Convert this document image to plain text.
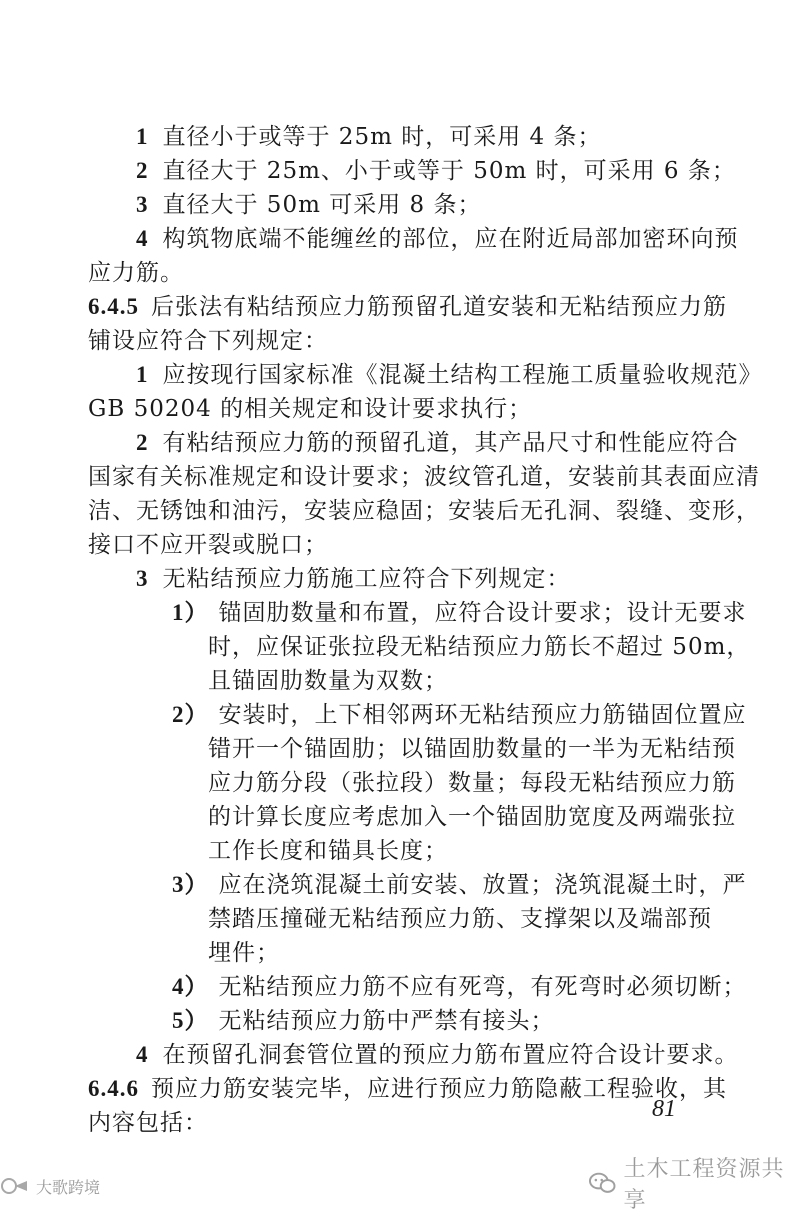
1 直径小于或等于 25m 时，可采用 4 条；
2 直径大于 25m、小于或等于 50m 时，可采用 6 条；
3 直径大于 50m 可采用 8 条；
4 构筑物底端不能缠丝的部位，应在附近局部加密环向预
应力筋。
6.4.5 后张法有粘结预应力筋预留孔道安装和无粘结预应力筋
铺设应符合下列规定：
1 应按现行国家标准《混凝土结构工程施工质量验收规范》
GB 50204 的相关规定和设计要求执行；
2 有粘结预应力筋的预留孔道，其产品尺寸和性能应符合
国家有关标准规定和设计要求；波纹管孔道，安装前其表面应清
洁、无锈蚀和油污，安装应稳固；安装后无孔洞、裂缝、变形，
接口不应开裂或脱口；
3 无粘结预应力筋施工应符合下列规定：
1） 锚固肋数量和布置，应符合设计要求；设计无要求
时，应保证张拉段无粘结预应力筋长不超过 50m，
且锚固肋数量为双数；
2） 安装时，上下相邻两环无粘结预应力筋锚固位置应
错开一个锚固肋；以锚固肋数量的一半为无粘结预
应力筋分段（张拉段）数量；每段无粘结预应力筋
的计算长度应考虑加入一个锚固肋宽度及两端张拉
工作长度和锚具长度；
3） 应在浇筑混凝土前安装、放置；浇筑混凝土时，严
禁踏压撞碰无粘结预应力筋、支撑架以及端部预
埋件；
4） 无粘结预应力筋不应有死弯，有死弯时必须切断；
5） 无粘结预应力筋中严禁有接头；
4 在预留孔洞套管位置的预应力筋布置应符合设计要求。
6.4.6 预应力筋安装完毕，应进行预应力筋隐蔽工程验收，其
内容包括：
81
大歌跨境
土木工程资源共享
